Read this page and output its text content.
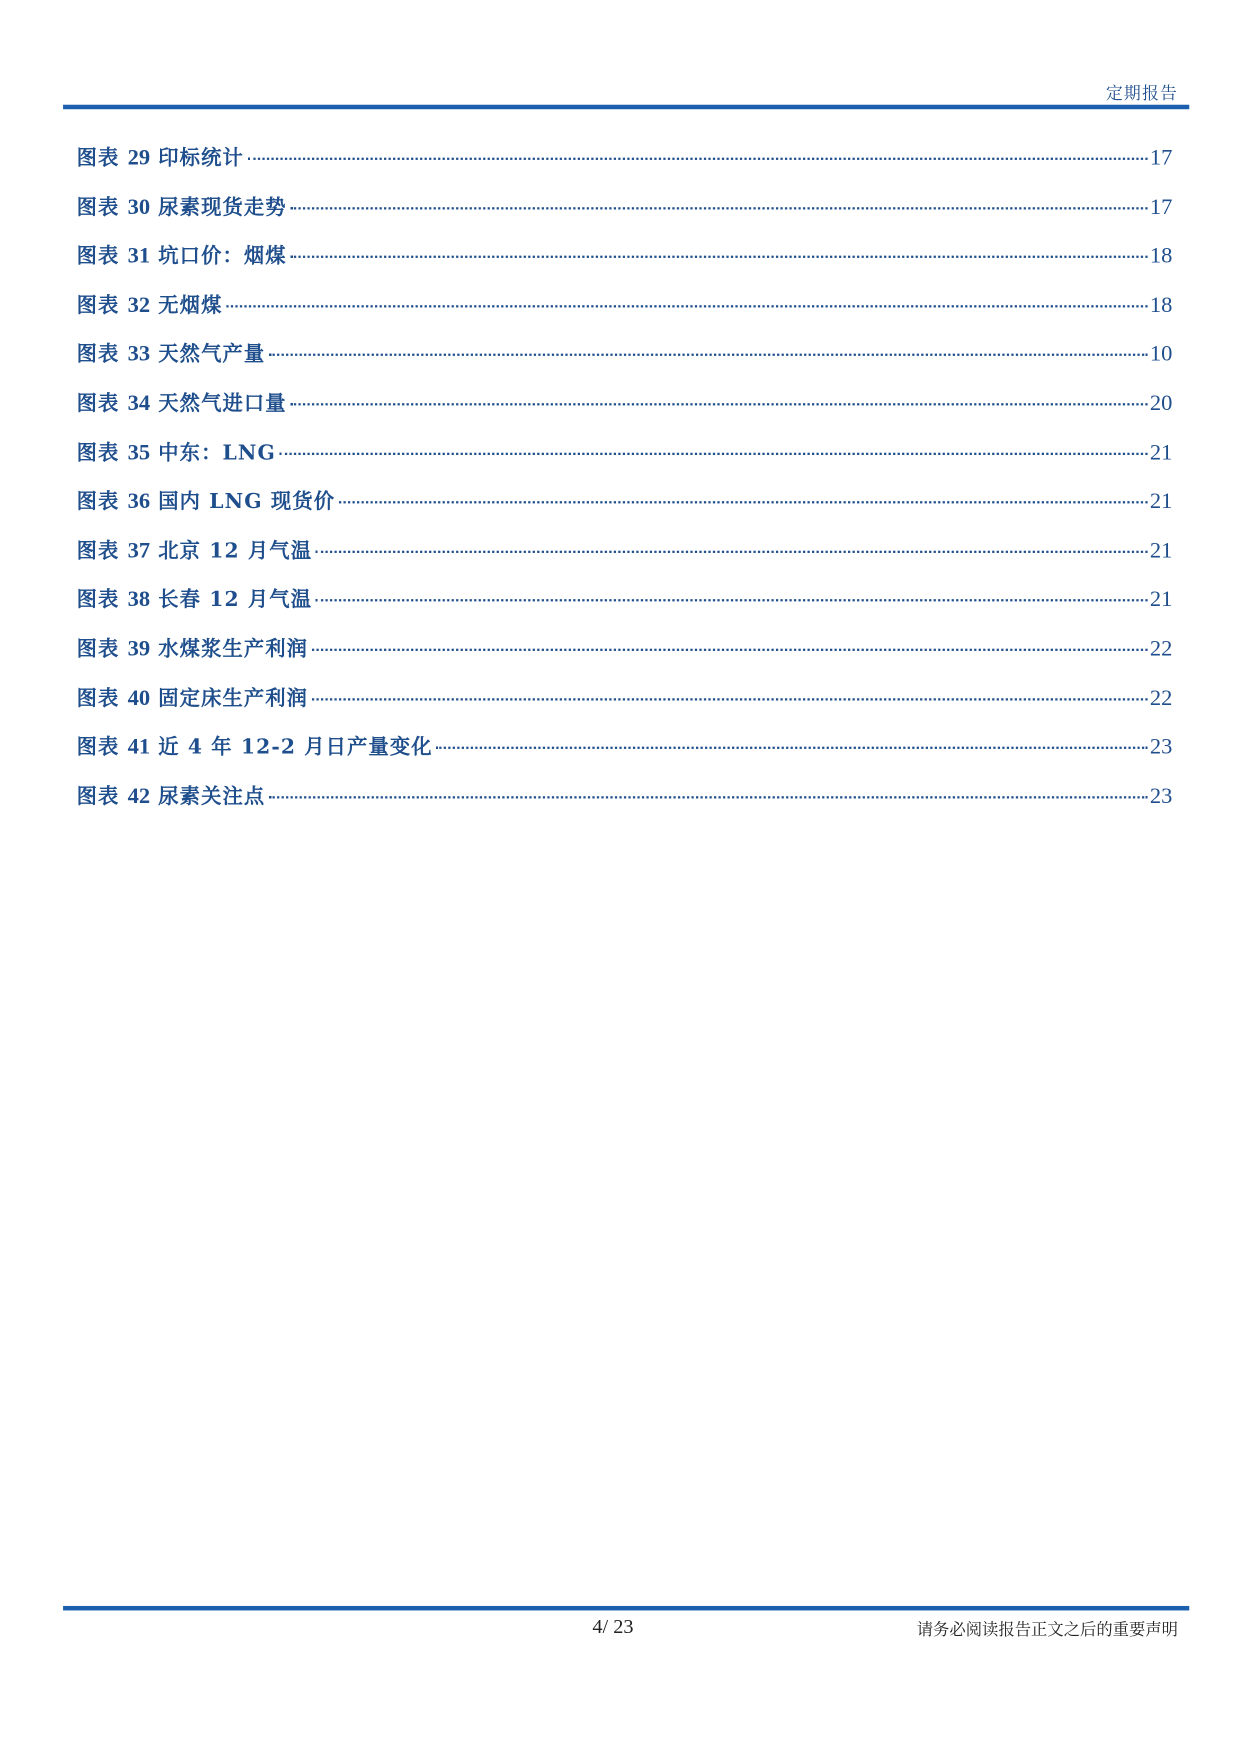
定期报告
图表 29 印标统计	17
图表 30 尿素现货走势	17
图表 31 坑口价：烟煤	18
图表 32 无烟煤	18
图表 33 天然气产量	10
图表 34 天然气进口量	20
图表 35 中东：LNG	21
图表 36 国内 LNG 现货价	21
图表 37 北京 12 月气温	21
图表 38 长春 12 月气温	21
图表 39 水煤浆生产利润	22
图表 40 固定床生产利润	22
图表 41 近 4 年 12-2 月日产量变化	23
图表 42 尿素关注点	23
4/ 23	请务必阅读报告正文之后的重要声明
